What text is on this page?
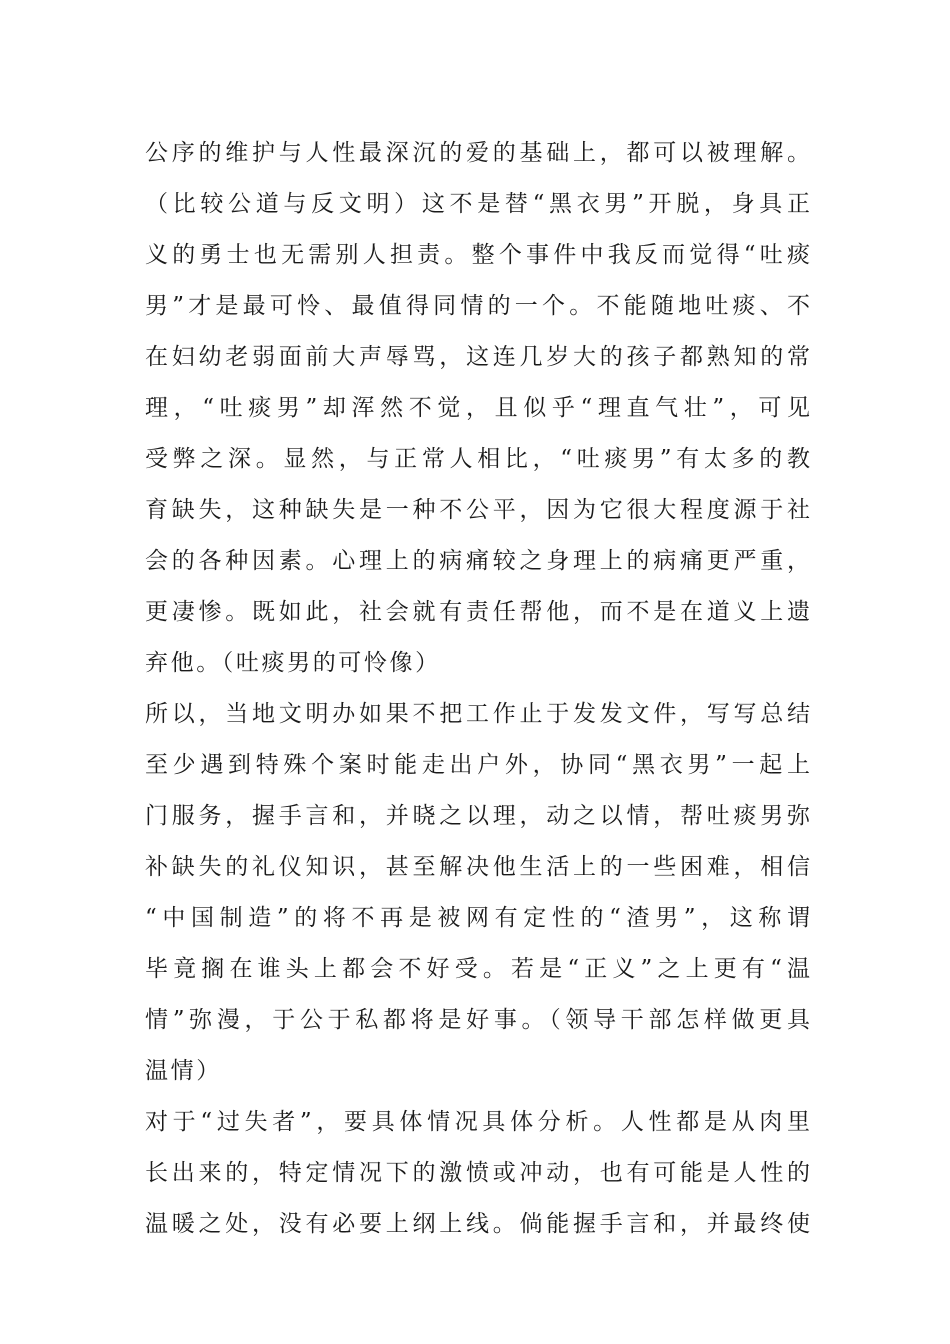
公序的维护与人性最深沉的爱的基础上，都可以被理解。
（比较公道与反文明）这不是替“黑衣男”开脱，身具正
义的勇士也无需别人担责。整个事件中我反而觉得“吐痰
男”才是最可怜、最值得同情的一个。不能随地吐痰、不
在妇幼老弱面前大声辱骂，这连几岁大的孩子都熟知的常
理，“吐痰男”却浑然不觉，且似乎“理直气壮”，可见
受弊之深。显然，与正常人相比，“吐痰男”有太多的教
育缺失，这种缺失是一种不公平，因为它很大程度源于社
会的各种因素。心理上的病痛较之身理上的病痛更严重，
更凄惨。既如此，社会就有责任帮他，而不是在道义上遗
弃他。（吐痰男的可怜像）
所以，当地文明办如果不把工作止于发发文件，写写总结
至少遇到特殊个案时能走出户外，协同“黑衣男”一起上
门服务，握手言和，并晓之以理，动之以情，帮吐痰男弥
补缺失的礼仪知识，甚至解决他生活上的一些困难，相信
“中国制造”的将不再是被网有定性的“渣男”，这称谓
毕竟搁在谁头上都会不好受。若是“正义”之上更有“温
情”弥漫，于公于私都将是好事。（领导干部怎样做更具
温情）
对于“过失者”，要具体情况具体分析。人性都是从肉里
长出来的，特定情况下的激愤或冲动，也有可能是人性的
温暖之处，没有必要上纲上线。倘能握手言和，并最终使
